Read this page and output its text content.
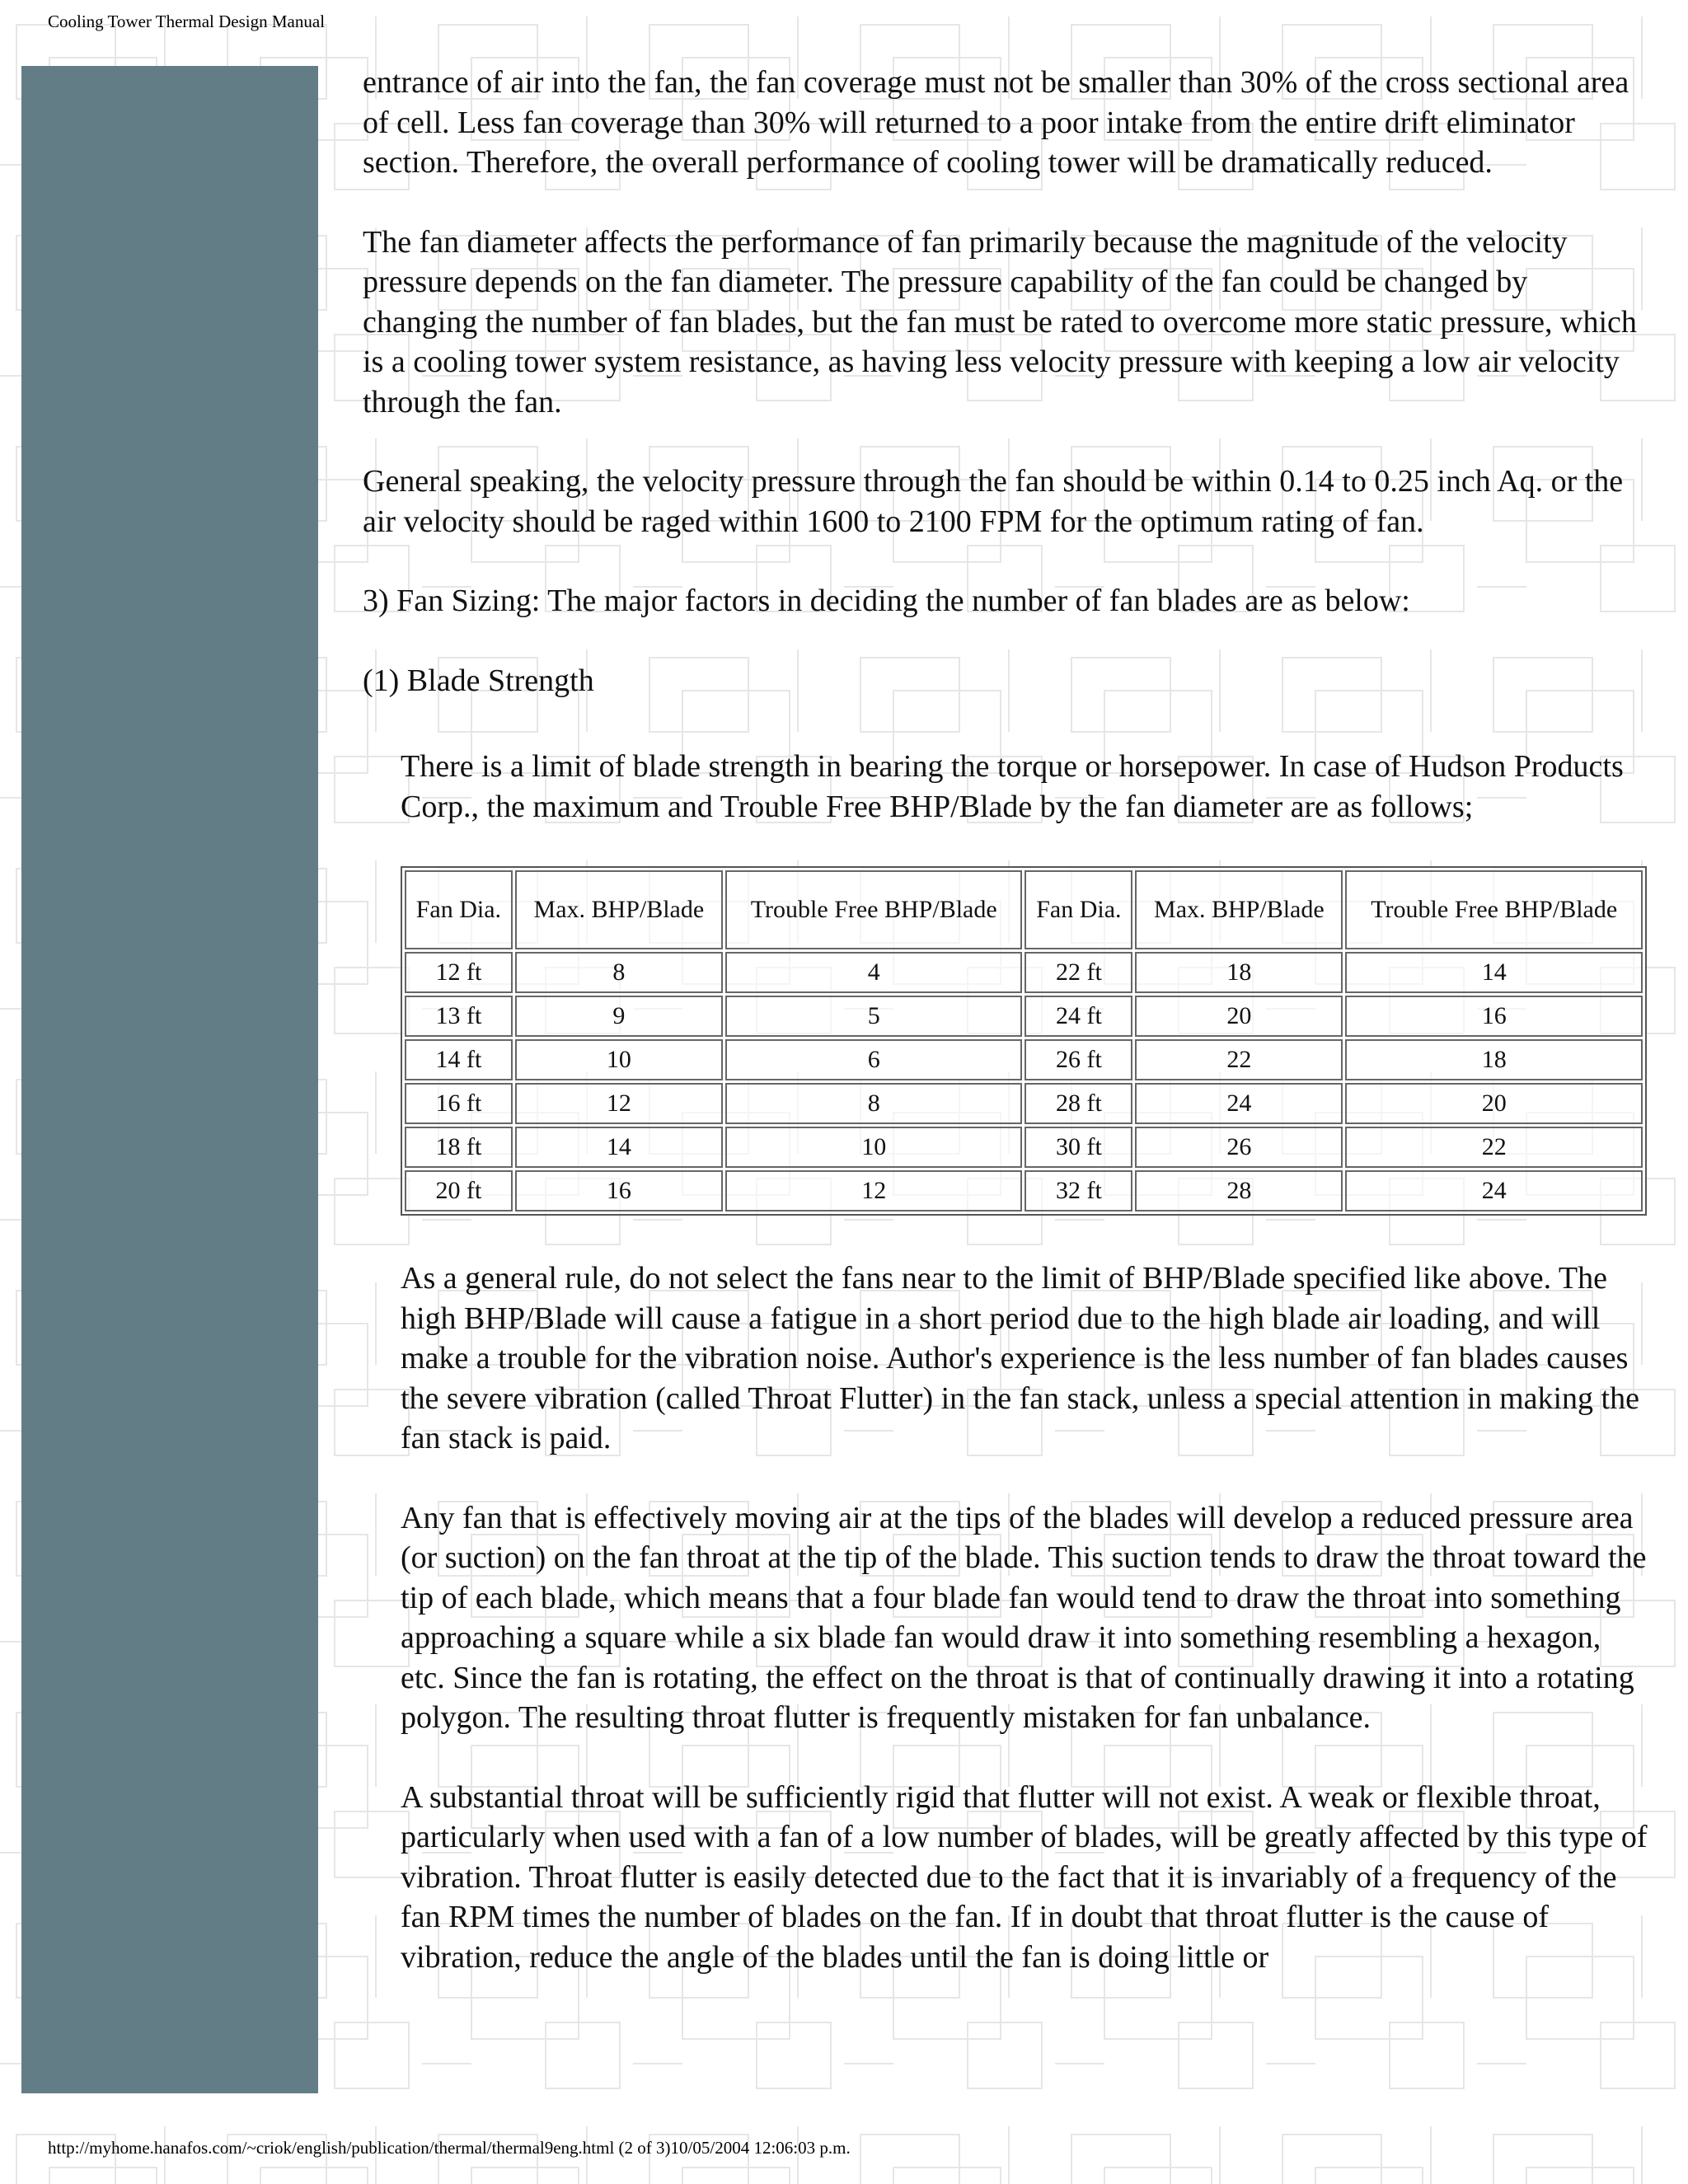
Cooling Tower Thermal Design Manual

entrance of air into the fan, the fan coverage must not be smaller than 30% of the cross sectional area of cell. Less fan coverage than 30% will returned to a poor intake from the entire drift eliminator section. Therefore, the overall performance of cooling tower will be dramatically reduced.

The fan diameter affects the performance of fan primarily because the magnitude of the velocity pressure depends on the fan diameter. The pressure capability of the fan could be changed by changing the number of fan blades, but the fan must be rated to overcome more static pressure, which is a cooling tower system resistance, as having less velocity pressure with keeping a low air velocity through the fan.

General speaking, the velocity pressure through the fan should be within 0.14 to 0.25 inch Aq. or the air velocity should be raged within 1600 to 2100 FPM for the optimum rating of fan.

3) Fan Sizing: The major factors in deciding the number of fan blades are as below:

(1) Blade Strength

There is a limit of blade strength in bearing the torque or horsepower. In case of Hudson Products Corp., the maximum and Trouble Free BHP/Blade by the fan diameter are as follows;

Fan Dia.	Max. BHP/Blade	Trouble Free BHP/Blade	Fan Dia.	Max. BHP/Blade	Trouble Free BHP/Blade
12 ft	8	4	22 ft	18	14
13 ft	9	5	24 ft	20	16
14 ft	10	6	26 ft	22	18
16 ft	12	8	28 ft	24	20
18 ft	14	10	30 ft	26	22
20 ft	16	12	32 ft	28	24

As a general rule, do not select the fans near to the limit of BHP/Blade specified like above. The high BHP/Blade will cause a fatigue in a short period due to the high blade air loading, and will make a trouble for the vibration noise. Author's experience is the less number of fan blades causes the severe vibration (called Throat Flutter) in the fan stack, unless a special attention in making the fan stack is paid.

Any fan that is effectively moving air at the tips of the blades will develop a reduced pressure area (or suction) on the fan throat at the tip of the blade. This suction tends to draw the throat toward the tip of each blade, which means that a four blade fan would tend to draw the throat into something approaching a square while a six blade fan would draw it into something resembling a hexagon, etc. Since the fan is rotating, the effect on the throat is that of continually drawing it into a rotating polygon. The resulting throat flutter is frequently mistaken for fan unbalance.

A substantial throat will be sufficiently rigid that flutter will not exist. A weak or flexible throat, particularly when used with a fan of a low number of blades, will be greatly affected by this type of vibration. Throat flutter is easily detected due to the fact that it is invariably of a frequency of the fan RPM times the number of blades on the fan. If in doubt that throat flutter is the cause of vibration, reduce the angle of the blades until the fan is doing little or

http://myhome.hanafos.com/~criok/english/publication/thermal/thermal9eng.html (2 of 3)10/05/2004 12:06:03 p.m.
